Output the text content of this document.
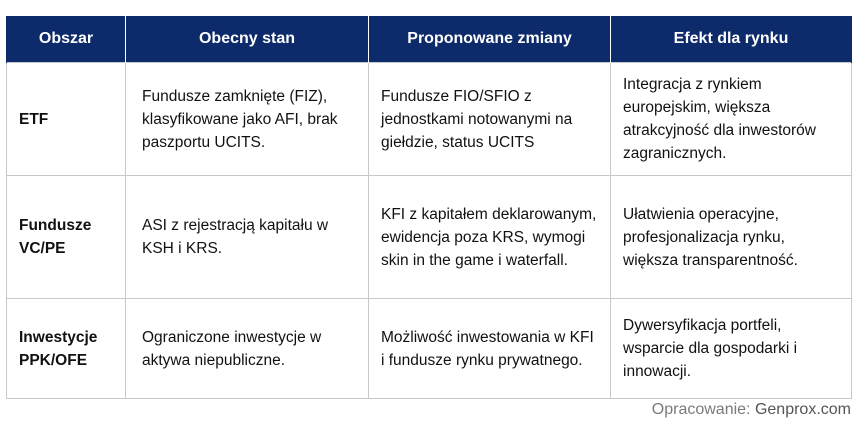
Obszar	Obecny stan	Proponowane zmiany	Efekt dla rynku
ETF	Fundusze zamknięte (FIZ), klasyfikowane jako AFI, brak paszportu UCITS.	Fundusze FIO/SFIO z jednostkami notowanymi na giełdzie, status UCITS	Integracja z rynkiem europejskim, większa atrakcyjność dla inwestorów zagranicznych.
Fundusze VC/PE	ASI z rejestracją kapitału w KSH i KRS.	KFI z kapitałem deklarowanym, ewidencja poza KRS, wymogi skin in the game i waterfall.	Ułatwienia operacyjne, profesjonalizacja rynku, większa transparentność.
Inwestycje PPK/OFE	Ograniczone inwestycje w aktywa niepubliczne.	Możliwość inwestowania w KFI i fundusze rynku prywatnego.	Dywersyfikacja portfeli, wsparcie dla gospodarki i innowacji.
Opracowanie: Genprox.com
